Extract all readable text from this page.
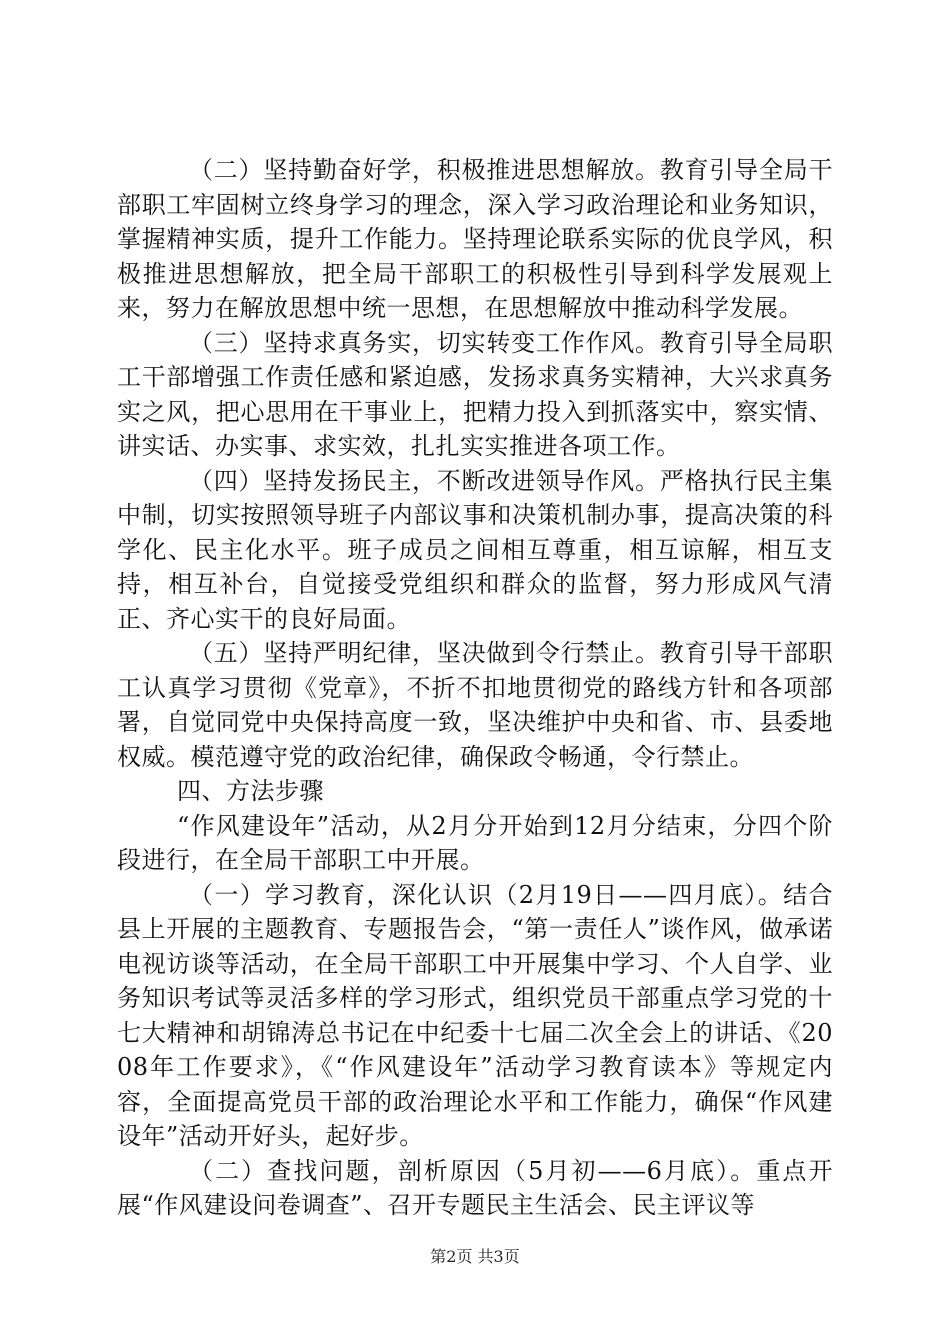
（二）坚持勤奋好学，积极推进思想解放。教育引导全局干部职工牢固树立终身学习的理念，深入学习政治理论和业务知识，掌握精神实质，提升工作能力。坚持理论联系实际的优良学风，积极推进思想解放，把全局干部职工的积极性引导到科学发展观上来，努力在解放思想中统一思想，在思想解放中推动科学发展。

（三）坚持求真务实，切实转变工作作风。教育引导全局职工干部增强工作责任感和紧迫感，发扬求真务实精神，大兴求真务实之风，把心思用在干事业上，把精力投入到抓落实中，察实情、讲实话、办实事、求实效，扎扎实实推进各项工作。

（四）坚持发扬民主，不断改进领导作风。严格执行民主集中制，切实按照领导班子内部议事和决策机制办事，提高决策的科学化、民主化水平。班子成员之间相互尊重，相互谅解，相互支持，相互补台，自觉接受党组织和群众的监督，努力形成风气清正、齐心实干的良好局面。

（五）坚持严明纪律，坚决做到令行禁止。教育引导干部职工认真学习贯彻《党章》，不折不扣地贯彻党的路线方针和各项部署，自觉同党中央保持高度一致，坚决维护中央和省、市、县委地权威。模范遵守党的政治纪律，确保政令畅通，令行禁止。

四、方法步骤

“作风建设年”活动，从2月分开始到12月分结束，分四个阶段进行，在全局干部职工中开展。

（一）学习教育，深化认识（2月19日——四月底）。结合县上开展的主题教育、专题报告会，“第一责任人”谈作风，做承诺电视访谈等活动，在全局干部职工中开展集中学习、个人自学、业务知识考试等灵活多样的学习形式，组织党员干部重点学习党的十七大精神和胡锦涛总书记在中纪委十七届二次全会上的讲话、《2008年工作要求》，《“作风建设年”活动学习教育读本》等规定内容，全面提高党员干部的政治理论水平和工作能力，确保“作风建设年”活动开好头，起好步。

（二）查找问题，剖析原因（5月初——6月底）。重点开展“作风建设问卷调查”、召开专题民主生活会、民主评议等

第2页 共3页
